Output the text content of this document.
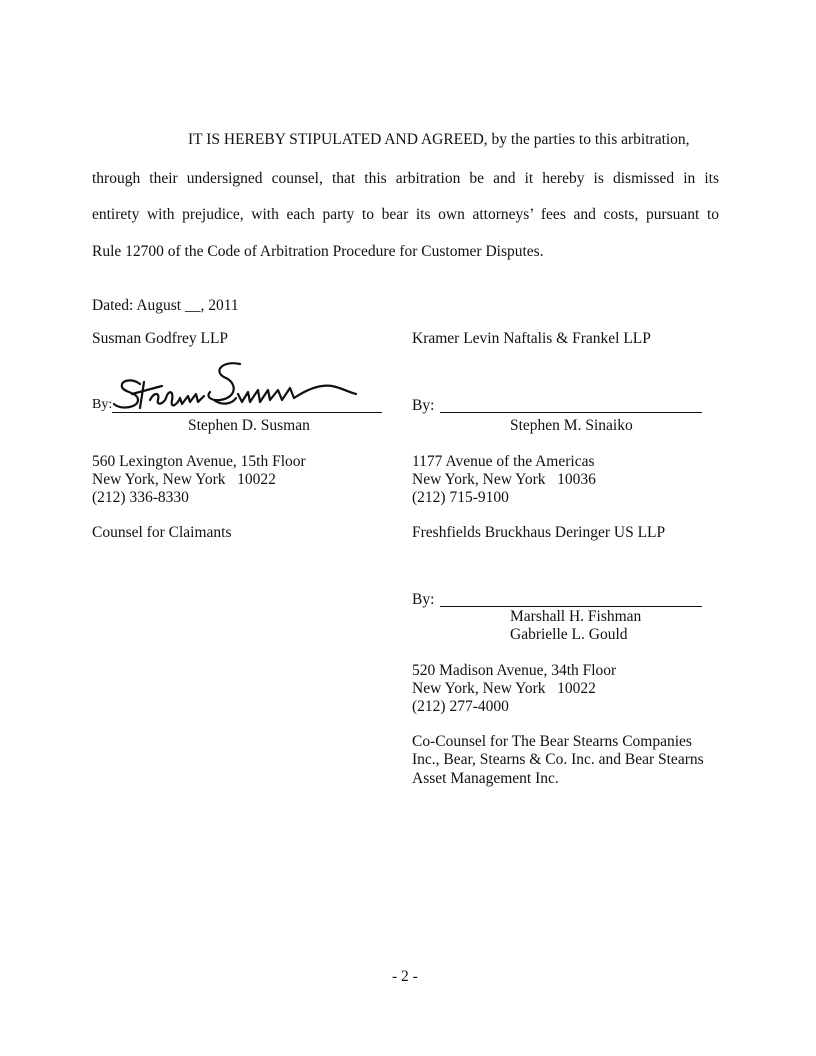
IT IS HEREBY STIPULATED AND AGREED, by the parties to this arbitration,
through their undersigned counsel, that this arbitration be and it hereby is dismissed in its
entirety with prejudice, with each party to bear its own attorneys’ fees and costs, pursuant to
Rule 12700 of the Code of Arbitration Procedure for Customer Disputes.
Dated: August __, 2011
Susman Godfrey LLP
By:
Stephen D. Susman
560 Lexington Avenue, 15th Floor
New York, New York   10022
(212) 336-8330
Counsel for Claimants
Kramer Levin Naftalis & Frankel LLP
By:
Stephen M. Sinaiko
1177 Avenue of the Americas
New York, New York   10036
(212) 715-9100
Freshfields Bruckhaus Deringer US LLP
By:
Marshall H. Fishman
Gabrielle L. Gould
520 Madison Avenue, 34th Floor
New York, New York   10022
(212) 277-4000
Co-Counsel for The Bear Stearns Companies
Inc., Bear, Stearns & Co. Inc. and Bear Stearns
Asset Management Inc.
- 2 -
